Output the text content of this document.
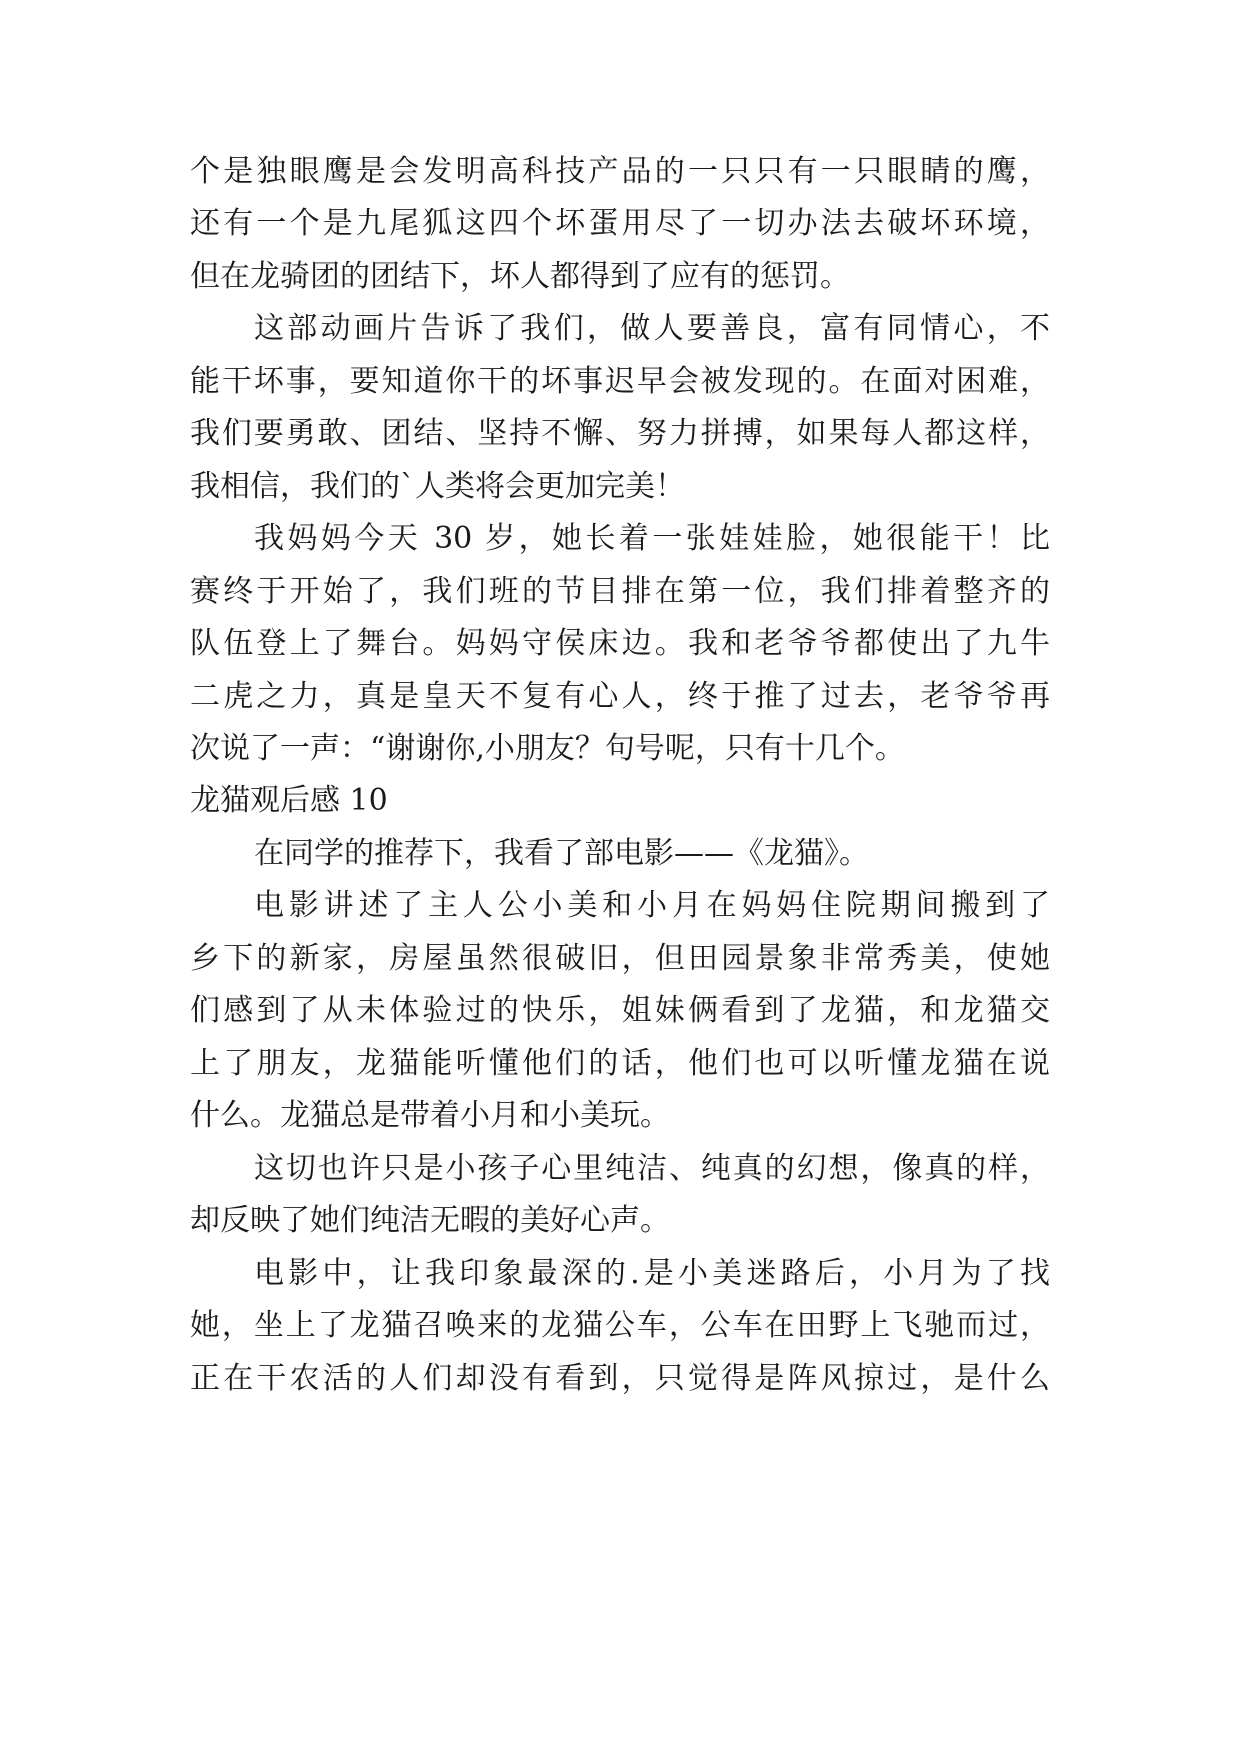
个是独眼鹰是会发明高科技产品的一只只有一只眼睛的鹰，
还有一个是九尾狐这四个坏蛋用尽了一切办法去破坏环境，
但在龙骑团的团结下，坏人都得到了应有的惩罚。
这部动画片告诉了我们，做人要善良，富有同情心，不
能干坏事，要知道你干的坏事迟早会被发现的。在面对困难，
我们要勇敢、团结、坚持不懈、努力拼搏，如果每人都这样，
我相信，我们的`人类将会更加完美！
我妈妈今天 30 岁，她长着一张娃娃脸，她很能干！比
赛终于开始了，我们班的节目排在第一位，我们排着整齐的
队伍登上了舞台。妈妈守侯床边。我和老爷爷都使出了九牛
二虎之力，真是皇天不复有心人，终于推了过去，老爷爷再
次说了一声：“谢谢你,小朋友？句号呢，只有十几个。
龙猫观后感 10
在同学的推荐下，我看了部电影——《龙猫》。
电影讲述了主人公小美和小月在妈妈住院期间搬到了
乡下的新家，房屋虽然很破旧，但田园景象非常秀美，使她
们感到了从未体验过的快乐，姐妹俩看到了龙猫，和龙猫交
上了朋友，龙猫能听懂他们的话，他们也可以听懂龙猫在说
什么。龙猫总是带着小月和小美玩。
这切也许只是小孩子心里纯洁、纯真的幻想，像真的样，
却反映了她们纯洁无暇的美好心声。
电影中，让我印象最深的.是小美迷路后，小月为了找
她，坐上了龙猫召唤来的龙猫公车，公车在田野上飞驰而过，
正在干农活的人们却没有看到，只觉得是阵风掠过，是什么
